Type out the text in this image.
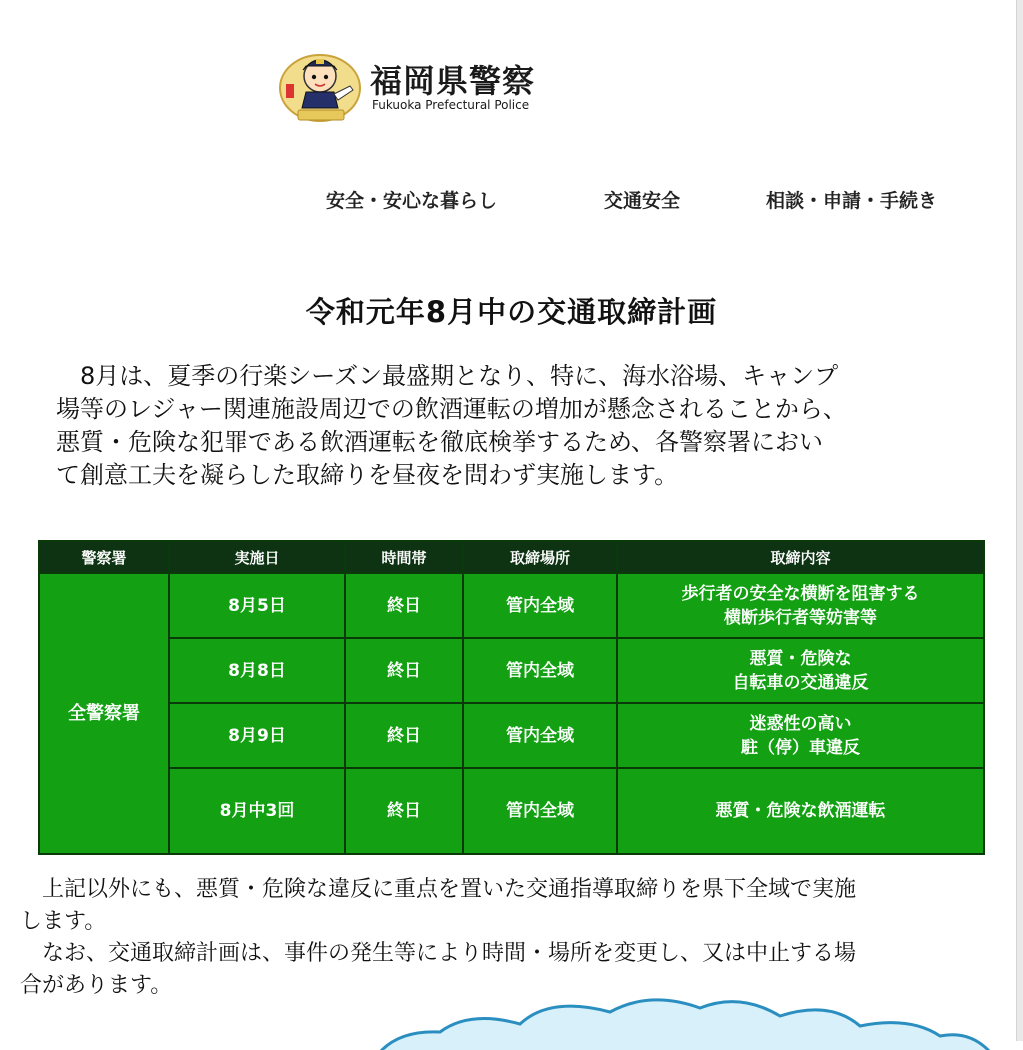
福岡県警察
Fukuoka Prefectural Police
安全・安心な暮らし	交通安全	相談・申請・手続き
令和元年8月中の交通取締計画
8月は、夏季の行楽シーズン最盛期となり、特に、海水浴場、キャンプ
場等のレジャー関連施設周辺での飲酒運転の増加が懸念されることから、
悪質・危険な犯罪である飲酒運転を徹底検挙するため、各警察署におい
て創意工夫を凝らした取締りを昼夜を問わず実施します。
警察署	実施日	時間帯	取締場所	取締内容
全警察署	8月5日	終日	管内全域	歩行者の安全な横断を阻害する
横断歩行者等妨害等

	8月8日	終日	管内全域	悪質・危険な
自転車の交通違反

	8月9日	終日	管内全域	迷惑性の高い
駐（停）車違反

	8月中3回	終日	管内全域	悪質・危険な飲酒運転
上記以外にも、悪質・危険な違反に重点を置いた交通指導取締りを県下全域で実施
します。
なお、交通取締計画は、事件の発生等により時間・場所を変更し、又は中止する場
合があります。
